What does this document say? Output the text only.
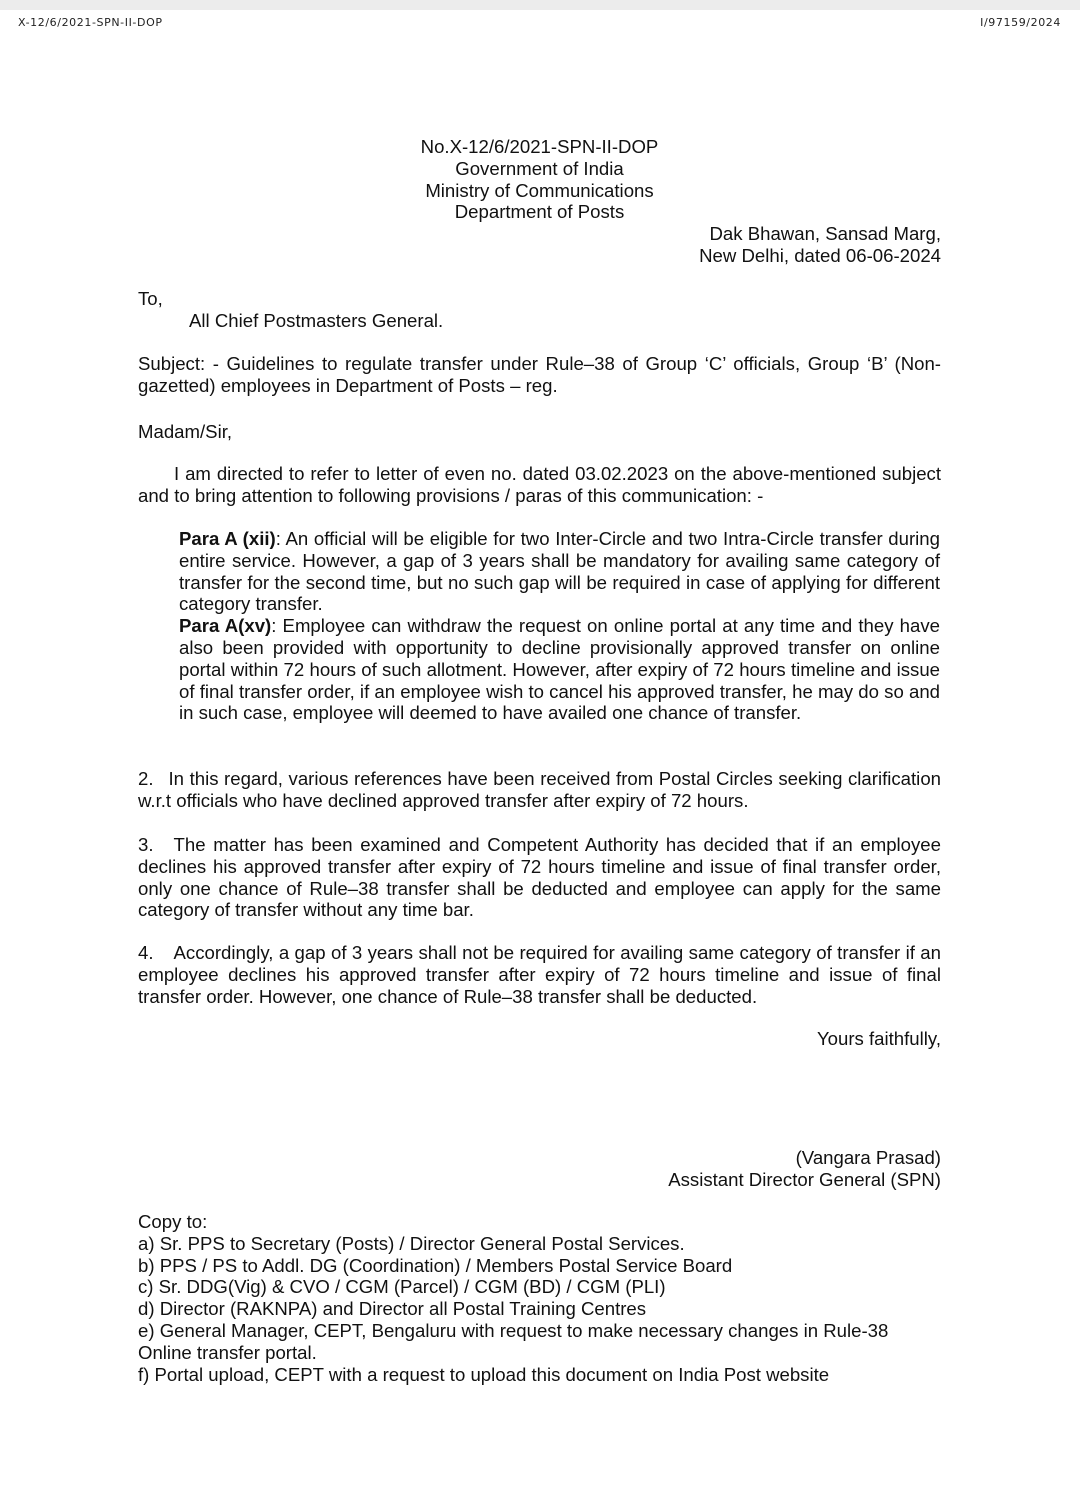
X-12/6/2021-SPN-II-DOP	I/97159/2024
No.X-12/6/2021-SPN-II-DOP
Government of India
Ministry of Communications
Department of Posts
Dak Bhawan, Sansad Marg,
New Delhi, dated 06-06-2024
To,
All Chief Postmasters General.
Subject: - Guidelines to regulate transfer under Rule–38 of Group ‘C’ officials, Group ‘B’ (Non-gazetted) employees in Department of Posts – reg.
Madam/Sir,
I am directed to refer to letter of even no. dated 03.02.2023 on the above-mentioned subject and to bring attention to following provisions / paras of this communication: -

Para A (xii): An official will be eligible for two Inter-Circle and two Intra-Circle transfer during entire service. However, a gap of 3 years shall be mandatory for availing same category of transfer for the second time, but no such gap will be required in case of applying for different category transfer.

Para A(xv): Employee can withdraw the request on online portal at any time and they have also been provided with opportunity to decline provisionally approved transfer on online portal within 72 hours of such allotment. However, after expiry of 72 hours timeline and issue of final transfer order, if an employee wish to cancel his approved transfer, he may do so and in such case, employee will deemed to have availed one chance of transfer.

2. In this regard, various references have been received from Postal Circles seeking clarification w.r.t officials who have declined approved transfer after expiry of 72 hours.
3. The matter has been examined and Competent Authority has decided that if an employee declines his approved transfer after expiry of 72 hours timeline and issue of final transfer order, only one chance of Rule–38 transfer shall be deducted and employee can apply for the same category of transfer without any time bar.
4. Accordingly, a gap of 3 years shall not be required for availing same category of transfer if an employee declines his approved transfer after expiry of 72 hours timeline and issue of final transfer order. However, one chance of Rule–38 transfer shall be deducted.
Yours faithfully,
(Vangara Prasad)
Assistant Director General (SPN)
Copy to:
a) Sr. PPS to Secretary (Posts) / Director General Postal Services.
b) PPS / PS to Addl. DG (Coordination) / Members Postal Service Board
c) Sr. DDG(Vig) & CVO / CGM (Parcel) / CGM (BD) / CGM (PLI)
d) Director (RAKNPA) and Director all Postal Training Centres
e) General Manager, CEPT, Bengaluru with request to make necessary changes in Rule-38 Online transfer portal.
f) Portal upload, CEPT with a request to upload this document on India Post website
